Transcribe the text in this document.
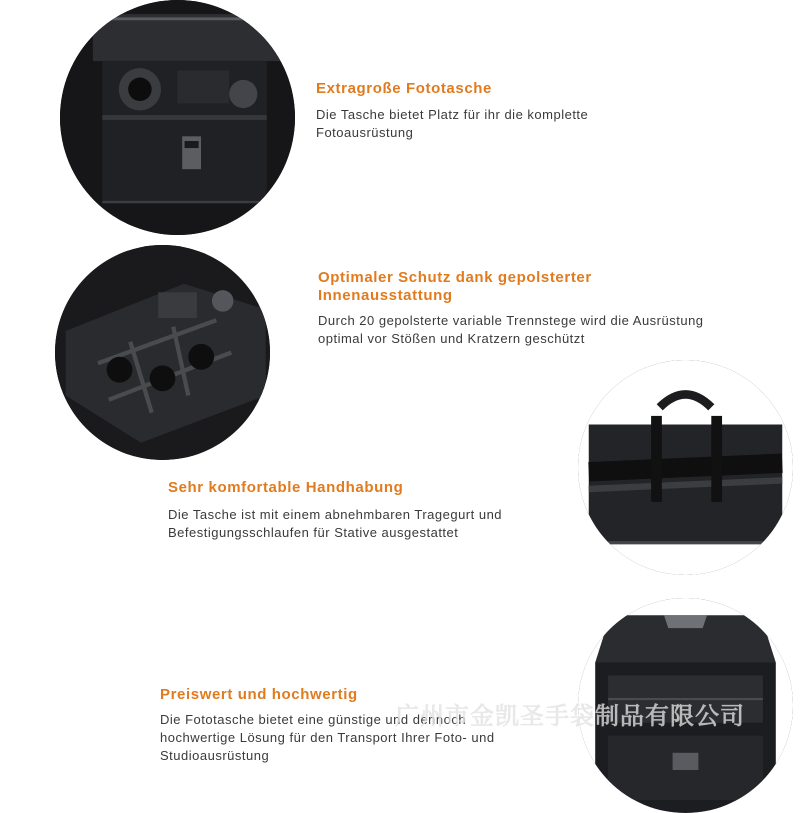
Extragroße Fototasche

Die Tasche bietet Platz für ihr die komplette Fotoausrüstung

Optimaler Schutz dank gepolsterter Innenausstattung

Durch 20 gepolsterte variable Trennstege wird die Ausrüstung optimal vor Stößen und Kratzern geschützt

Sehr komfortable Handhabung

Die Tasche ist mit einem abnehmbaren Tragegurt und Befestigungsschlaufen für Stative ausgestattet

Preiswert und hochwertig

Die Fototasche bietet eine günstige und dennoch hochwertige Lösung für den Transport Ihrer Foto- und Studioausrüstung

广州市金凯圣手袋制品有限公司
